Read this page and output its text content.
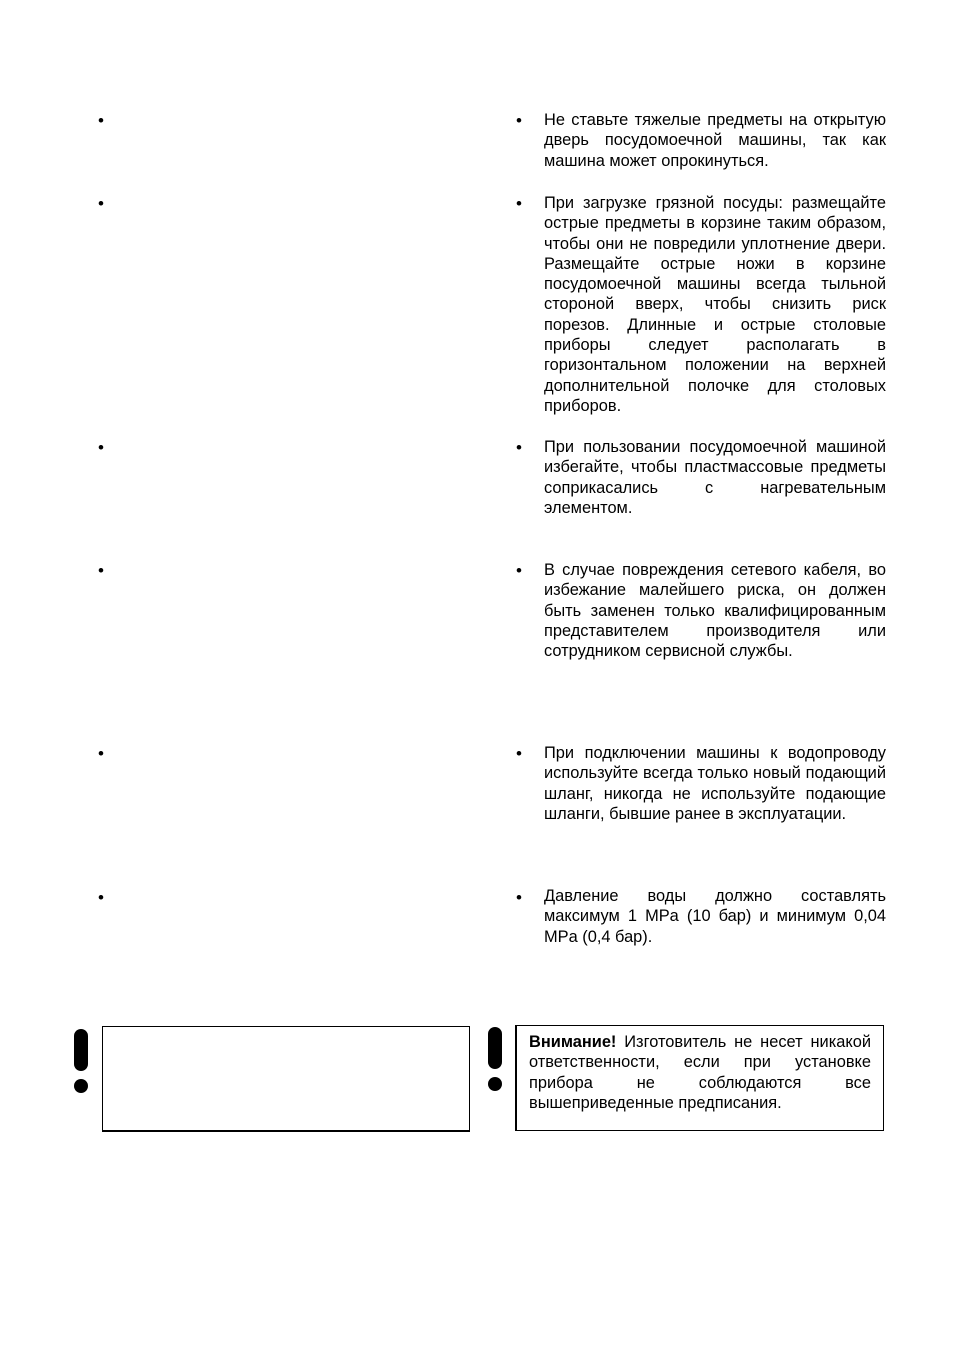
•
•
•
•
•
•
•
•
•
•
•
•
Не ставьте тяжелые предметы на открытую дверь посудомоечной машины, так как машина может опрокинуться.
При загрузке грязной посуды: размещайте острые предметы в корзине таким образом, чтобы они не повредили уплотнение двери. Размещайте острые ножи в корзине посудомоечной машины всегда тыльной стороной вверх, чтобы снизить риск порезов. Длинные и острые столовые приборы следует располагать в горизонтальном положении на верхней дополнительной полочке для столовых приборов.
При пользовании посудомоечной машиной избегайте, чтобы пластмассовые предметы соприкасались с нагревательным элементом.
В случае повреждения сетевого кабеля, во избежание малейшего риска, он должен быть заменен только квалифицированным представителем производителя или сотрудником сервисной службы.
При подключении машины к водопроводу используйте всегда только новый подающий шланг, никогда не используйте подающие шланги, бывшие ранее в эксплуатации.
Давление воды должно составлять максимум 1 MPa (10 бар) и минимум 0,04 MPa (0,4 бар).
Внимание! Изготовитель не несет никакой ответственности, если при установке прибора не соблюдаются все вышеприведенные предписания.
